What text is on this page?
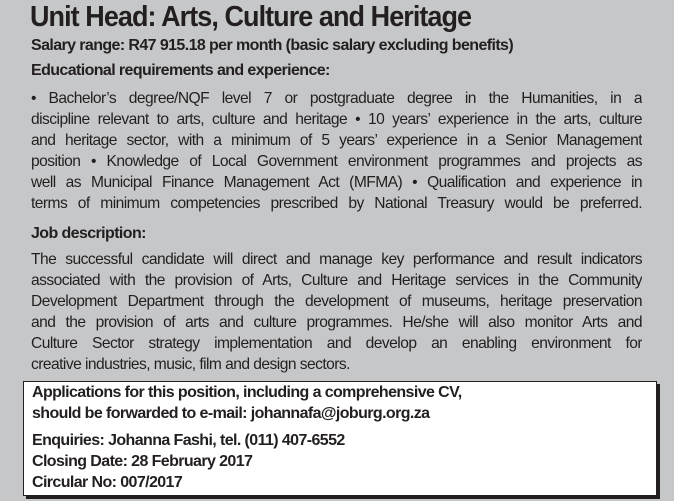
Unit Head: Arts, Culture and Heritage
Salary range: R47 915.18 per month (basic salary excluding benefits)
Educational requirements and experience:
• Bachelor’s degree/NQF level 7 or postgraduate degree in the Humanities, in a
discipline relevant to arts, culture and heritage • 10 years’ experience in the arts, culture
and heritage sector, with a minimum of 5 years’ experience in a Senior Management
position • Knowledge of Local Government environment programmes and projects as
well as Municipal Finance Management Act (MFMA) • Qualification and experience in
terms of minimum competencies prescribed by National Treasury would be preferred.
Job description:
The successful candidate will direct and manage key performance and result indicators
associated with the provision of Arts, Culture and Heritage services in the Community
Development Department through the development of museums, heritage preservation
and the provision of arts and culture programmes. He/she will also monitor Arts and
Culture Sector strategy implementation and develop an enabling environment for
creative industries, music, film and design sectors.
Applications for this position, including a comprehensive CV,
should be forwarded to e-mail: johannafa@joburg.org.za
Enquiries: Johanna Fashi, tel. (011) 407-6552
Closing Date: 28 February 2017
Circular No: 007/2017
